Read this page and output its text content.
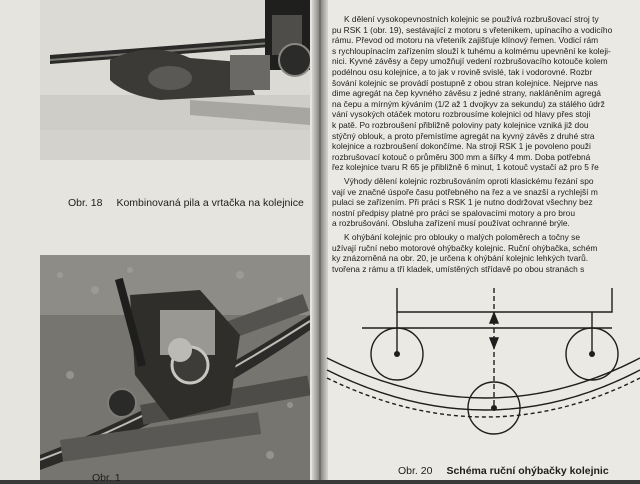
Obr. 18 Kombinovaná pila a vrtačka na kolejnice
Obr. 1
K dělení vysokopevnostních kolejnic se používá rozbrušovací stroj ty
pu RSK 1 (obr. 19), sestávající z motoru s vřetenikem, upínacího a vodicího
rámu. Převod od motoru na vřeteník zajišťuje klínový řemen. Vodicí rám
s rychloupínacím zařízením slouží k tuhému a kolmému upevnění ke koleji-
nici. Kyvné závěsy a čepy umožňují vedení rozbrušovacího kotouče kolem
podélnou osu kolejnice, a to jak v rovině svislé, tak i vodorovné. Rozbr
šování kolejnic se provádí postupně z obou stran kolejnice. Nejprve nas
dime agregát na čep kyvného závěsu z jedné strany, nakláněním agregá
na čepu a mírným kýváním (1/2 až 1 dvojkyv za sekundu) za stálého údrž
vání vysokých otáček motoru rozbrousíme kolejnici od hlavy přes stoji
k patě. Po rozbroušení přibližně poloviny paty kolejnice vzniká již dou
stýčný oblouk, a proto přemístíme agregát na kyvný závěs z druhé stra
kolejnice a rozbroušení dokončíme. Na stroji RSK 1 je povoleno použi
rozbrušovací kotouč o průměru 300 mm a šířky 4 mm. Doba potřebná
řez kolejnice tvaru R 65 je přibližně 6 minut, 1 kotouč vystačí až pro 5 ře
Výhody dělení kolejnic rozbrušováním oproti klasickému řezání spo
vají ve značné úspoře času potřebného na řez a ve snazší a rychlejší m
pulaci se zařízením. Při práci s RSK 1 je nutno dodržovat všechny bez
nostní předpisy platné pro práci se spalovacími motory a pro brou
a rozbrušování. Obsluha zařízení musí používat ochranné brýle.
K ohýbání kolejnic pro oblouky o malých poloměrech a točny se
užívají ruční nebo motorové ohýbačky kolejnic. Ruční ohýbačka, schém
ky znázorněná na obr. 20, je určena k ohýbání kolejnic lehkých tvarů.
tvořena z rámu a tří kladek, umístěných střídavě po obou stranách s
Obr. 20 Schéma ruční ohýbačky kolejnic
